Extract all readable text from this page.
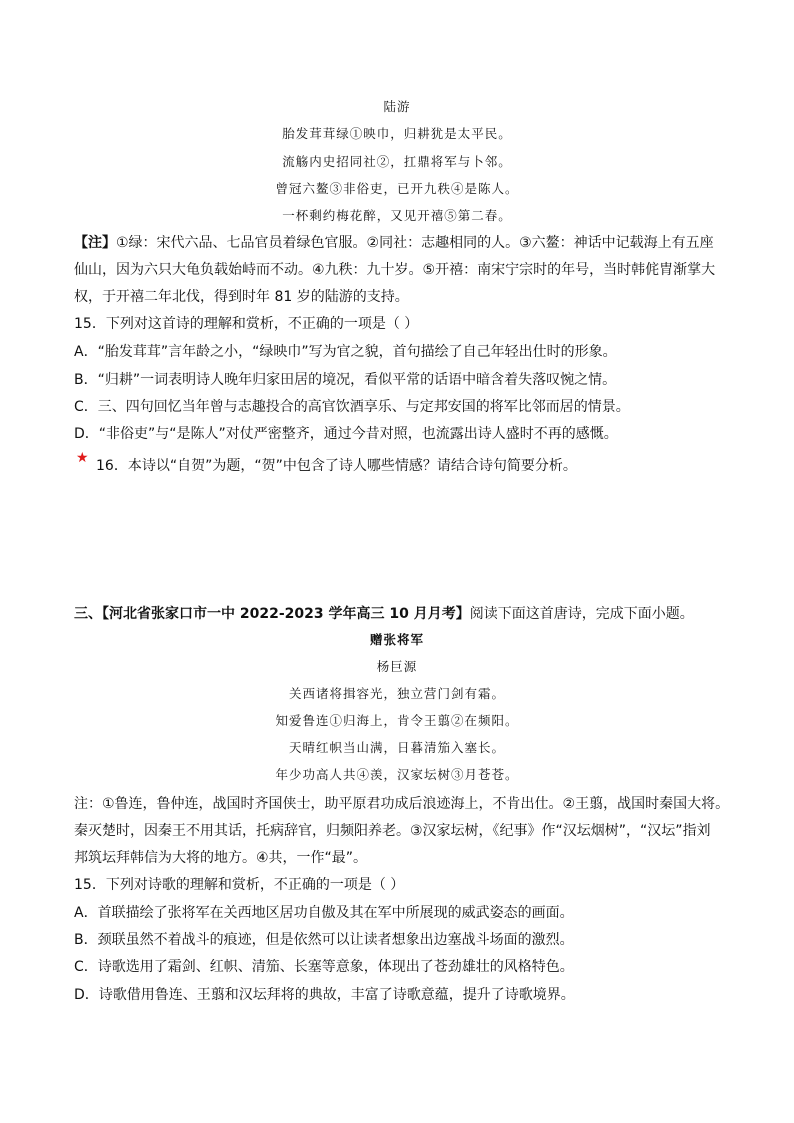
陆游
胎发茸茸绿①映巾，归耕犹是太平民。
流觞内史招同社②，扛鼎将军与卜邻。
曾冠六鳌③非俗吏，已开九秩④是陈人。
一杯剩约梅花醉，又见开禧⑤第二春。
【注】①绿：宋代六品、七品官员着绿色官服。②同社：志趣相同的人。③六鳌：神话中记载海上有五座
仙山，因为六只大龟负载始峙而不动。④九秩：九十岁。⑤开禧：南宋宁宗时的年号，当时韩侂胄渐掌大
权，于开禧二年北伐，得到时年 81 岁的陆游的支持。
15．下列对这首诗的理解和赏析，不正确的一项是（ ）
A．“胎发茸茸”言年龄之小，“绿映巾”写为官之貌，首句描绘了自己年轻出仕时的形象。
B．“归耕”一词表明诗人晚年归家田居的境况，看似平常的话语中暗含着失落叹惋之情。
C．三、四句回忆当年曾与志趣投合的高官饮酒享乐、与定邦安国的将军比邻而居的情景。
D．“非俗吏”与“是陈人”对仗严密整齐，通过今昔对照，也流露出诗人盛时不再的感慨。
★ 16．本诗以“自贺”为题，“贺”中包含了诗人哪些情感？请结合诗句简要分析。
三、【河北省张家口市一中 2022-2023 学年高三 10 月月考】阅读下面这首唐诗，完成下面小题。
赠张将军
杨巨源
关西诸将揖容光，独立营门剑有霜。
知爱鲁连①归海上，肯令王翦②在频阳。
天晴红帜当山满，日暮清笳入塞长。
年少功高人共④羡，汉家坛树③月苍苍。
注：①鲁连，鲁仲连，战国时齐国侠士，助平原君功成后浪迹海上，不肯出仕。②王翦，战国时秦国大将。
秦灭楚时，因秦王不用其话，托病辞官，归频阳养老。③汉家坛树，《纪事》作“汉坛烟树”，“汉坛”指刘
邦筑坛拜韩信为大将的地方。④共，一作“最”。
15．下列对诗歌的理解和赏析，不正确的一项是（ ）
A．首联描绘了张将军在关西地区居功自傲及其在军中所展现的威武姿态的画面。
B．颈联虽然不着战斗的痕迹，但是依然可以让读者想象出边塞战斗场面的激烈。
C．诗歌选用了霜剑、红帜、清笳、长塞等意象，体现出了苍劲雄壮的风格特色。
D．诗歌借用鲁连、王翦和汉坛拜将的典故，丰富了诗歌意蕴，提升了诗歌境界。
